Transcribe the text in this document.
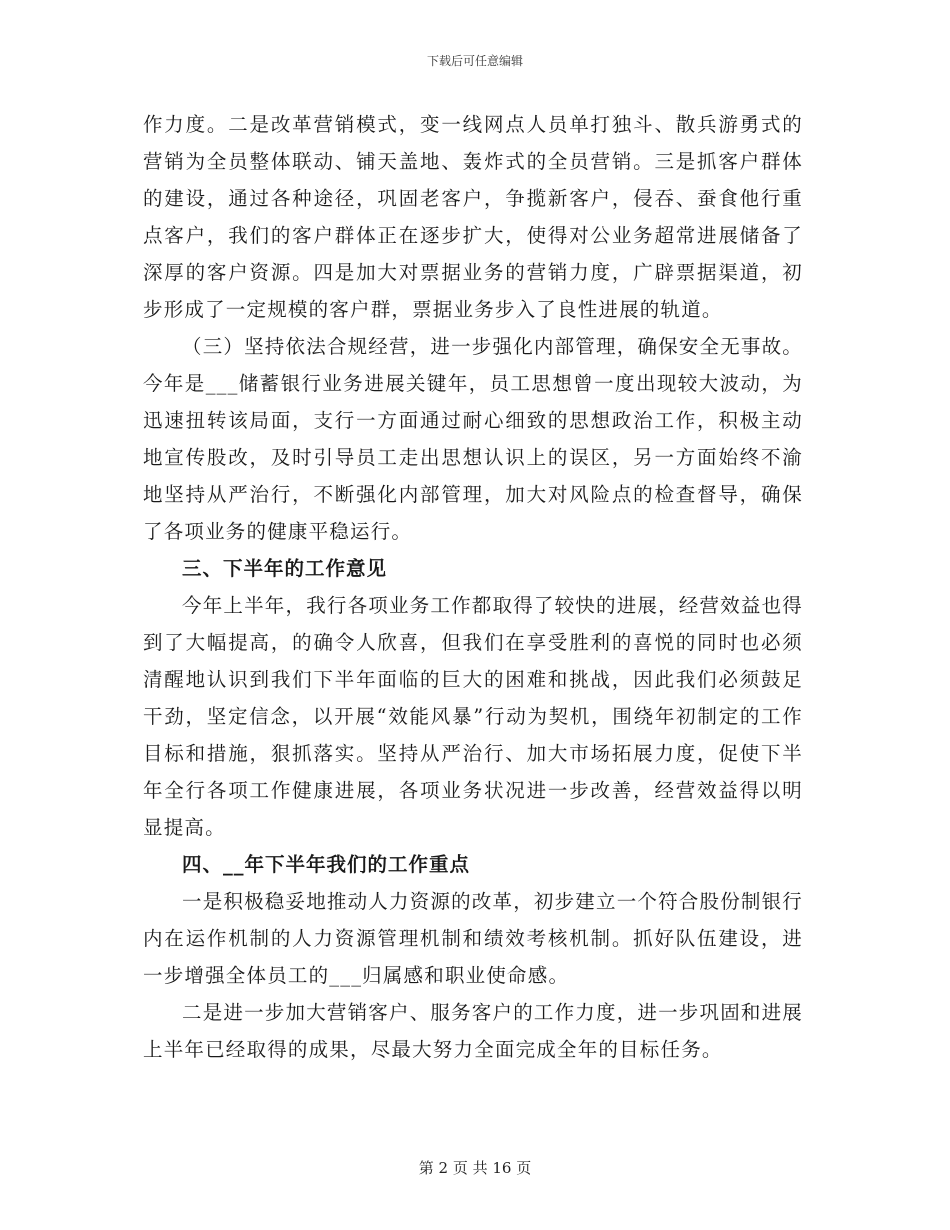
下载后可任意编辑

作力度。二是改革营销模式，变一线网点人员单打独斗、散兵游勇式的营销为全员整体联动、铺天盖地、轰炸式的全员营销。三是抓客户群体的建设，通过各种途径，巩固老客户，争揽新客户，侵吞、蚕食他行重点客户，我们的客户群体正在逐步扩大，使得对公业务超常进展储备了深厚的客户资源。四是加大对票据业务的营销力度，广辟票据渠道，初步形成了一定规模的客户群，票据业务步入了良性进展的轨道。

（三）坚持依法合规经营，进一步强化内部管理，确保安全无事故。今年是___储蓄银行业务进展关键年，员工思想曾一度出现较大波动，为迅速扭转该局面，支行一方面通过耐心细致的思想政治工作，积极主动地宣传股改，及时引导员工走出思想认识上的误区，另一方面始终不渝地坚持从严治行，不断强化内部管理，加大对风险点的检查督导，确保了各项业务的健康平稳运行。

三、下半年的工作意见

今年上半年，我行各项业务工作都取得了较快的进展，经营效益也得到了大幅提高，的确令人欣喜，但我们在享受胜利的喜悦的同时也必须清醒地认识到我们下半年面临的巨大的困难和挑战，因此我们必须鼓足干劲，坚定信念，以开展“效能风暴”行动为契机，围绕年初制定的工作目标和措施，狠抓落实。坚持从严治行、加大市场拓展力度，促使下半年全行各项工作健康进展，各项业务状况进一步改善，经营效益得以明显提高。

四、__年下半年我们的工作重点

一是积极稳妥地推动人力资源的改革，初步建立一个符合股份制银行内在运作机制的人力资源管理机制和绩效考核机制。抓好队伍建设，进一步增强全体员工的___归属感和职业使命感。

二是进一步加大营销客户、服务客户的工作力度，进一步巩固和进展上半年已经取得的成果，尽最大努力全面完成全年的目标任务。

第 2 页 共 16 页
